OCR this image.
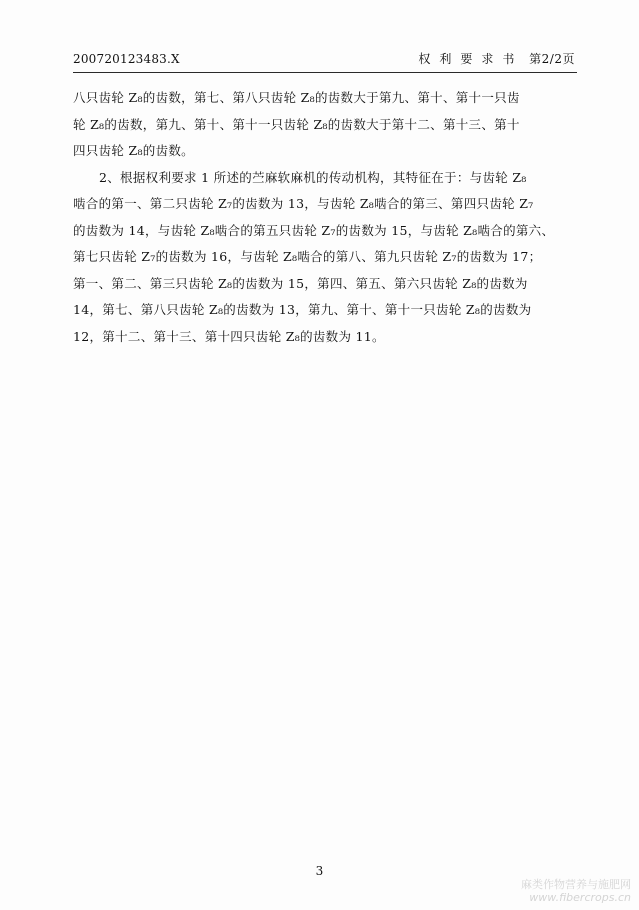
200720123483.X	权利要求书 第2/2页
八只齿轮 Z₈的齿数，第七、第八只齿轮 Z₈的齿数大于第九、第十、第十一只齿
轮 Z₈的齿数，第九、第十、第十一只齿轮 Z₈的齿数大于第十二、第十三、第十
四只齿轮 Z₈的齿数。
2、根据权利要求 1 所述的苎麻软麻机的传动机构，其特征在于：与齿轮 Z₈
啮合的第一、第二只齿轮 Z₇的齿数为 13，与齿轮 Z₈啮合的第三、第四只齿轮 Z₇
的齿数为 14，与齿轮 Z₈啮合的第五只齿轮 Z₇的齿数为 15，与齿轮 Z₈啮合的第六、
第七只齿轮 Z₇的齿数为 16，与齿轮 Z₈啮合的第八、第九只齿轮 Z₇的齿数为 17；
第一、第二、第三只齿轮 Z₈的齿数为 15，第四、第五、第六只齿轮 Z₈的齿数为
14，第七、第八只齿轮 Z₈的齿数为 13，第九、第十、第十一只齿轮 Z₈的齿数为
12，第十二、第十三、第十四只齿轮 Z₈的齿数为 11。
3
麻类作物营养与施肥网
www.fibercrops.cn
